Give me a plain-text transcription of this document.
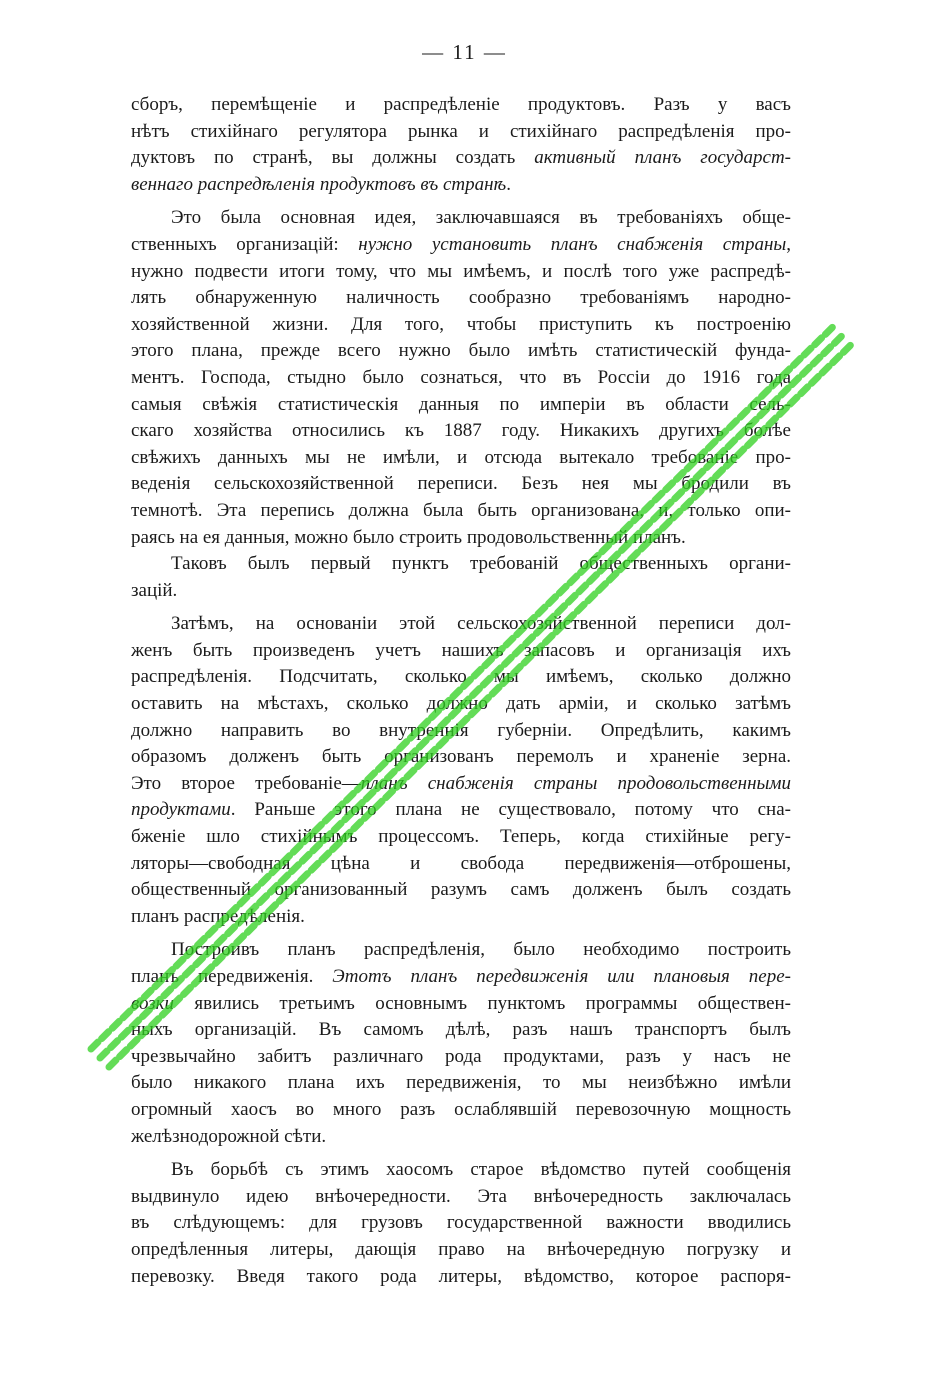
— 11 —
сборъ, перемѣщеніе и распредѣленіе продуктовъ. Разъ у васъ
нѣтъ стихійнаго регулятора рынка и стихійнаго распредѣленія про-
дуктовъ по странѣ, вы должны создать активный планъ государст-
веннаго распредѣленія продуктовъ въ странѣ.
Это была основная идея, заключавшаяся въ требованіяхъ обще-
ственныхъ организацій: нужно установить планъ снабженія страны,
нужно подвести итоги тому, что мы имѣемъ, и послѣ того уже распредѣ-
лять обнаруженную наличность сообразно требованіямъ народно-
хозяйственной жизни. Для того, чтобы приступить къ построенію
этого плана, прежде всего нужно было имѣть статистическій фунда-
ментъ. Господа, стыдно было сознаться, что въ Россіи до 1916 года
самыя свѣжія статистическія данныя по имперіи въ области сель-
скаго хозяйства относились къ 1887 году. Никакихъ другихъ болѣе
свѣжихъ данныхъ мы не имѣли, и отсюда вытекало требованіе про-
веденія сельскохозяйственной переписи. Безъ нея мы бродили въ
темнотѣ. Эта перепись должна была быть организована, и, только опи-
раясь на ея данныя, можно было строить продовольственный планъ.
Таковъ былъ первый пунктъ требованій общественныхъ органи-
зацій.
Затѣмъ, на основаніи этой сельскохозяйственной переписи дол-
женъ быть произведенъ учетъ нашихъ запасовъ и организація ихъ
распредѣленія. Подсчитать, сколько мы имѣемъ, сколько должно
оставить на мѣстахъ, сколько должно дать арміи, и сколько затѣмъ
должно направить во внутреннія губерніи. Опредѣлить, какимъ
образомъ долженъ быть организованъ перемолъ и храненіе зерна.
Это второе требованіе—планъ снабженія страны продовольственными
продуктами. Раньше этого плана не существовало, потому что сна-
бженіе шло стихійнымъ процессомъ. Теперь, когда стихійные регу-
ляторы—свободная цѣна и свобода передвиженія—отброшены,
общественный организованный разумъ самъ долженъ былъ создать
планъ распредѣленія.
Построивъ планъ распредѣленія, было необходимо построить
планъ передвиженія. Этотъ планъ передвиженія или плановыя пере-
возки явились третьимъ основнымъ пунктомъ программы обществен-
ныхъ организацій. Въ самомъ дѣлѣ, разъ нашъ транспортъ былъ
чрезвычайно забитъ различнаго рода продуктами, разъ у насъ не
было никакого плана ихъ передвиженія, то мы неизбѣжно имѣли
огромный хаосъ во много разъ ослаблявшій перевозочную мощность
желѣзнодорожной сѣти.
Въ борьбѣ съ этимъ хаосомъ старое вѣдомство путей сообщенія
выдвинуло идею внѣочередности. Эта внѣочередность заключалась
въ слѣдующемъ: для грузовъ государственной важности вводились
опредѣленныя литеры, дающія право на внѣочередную погрузку и
перевозку. Введя такого рода литеры, вѣдомство, которое распоря-
